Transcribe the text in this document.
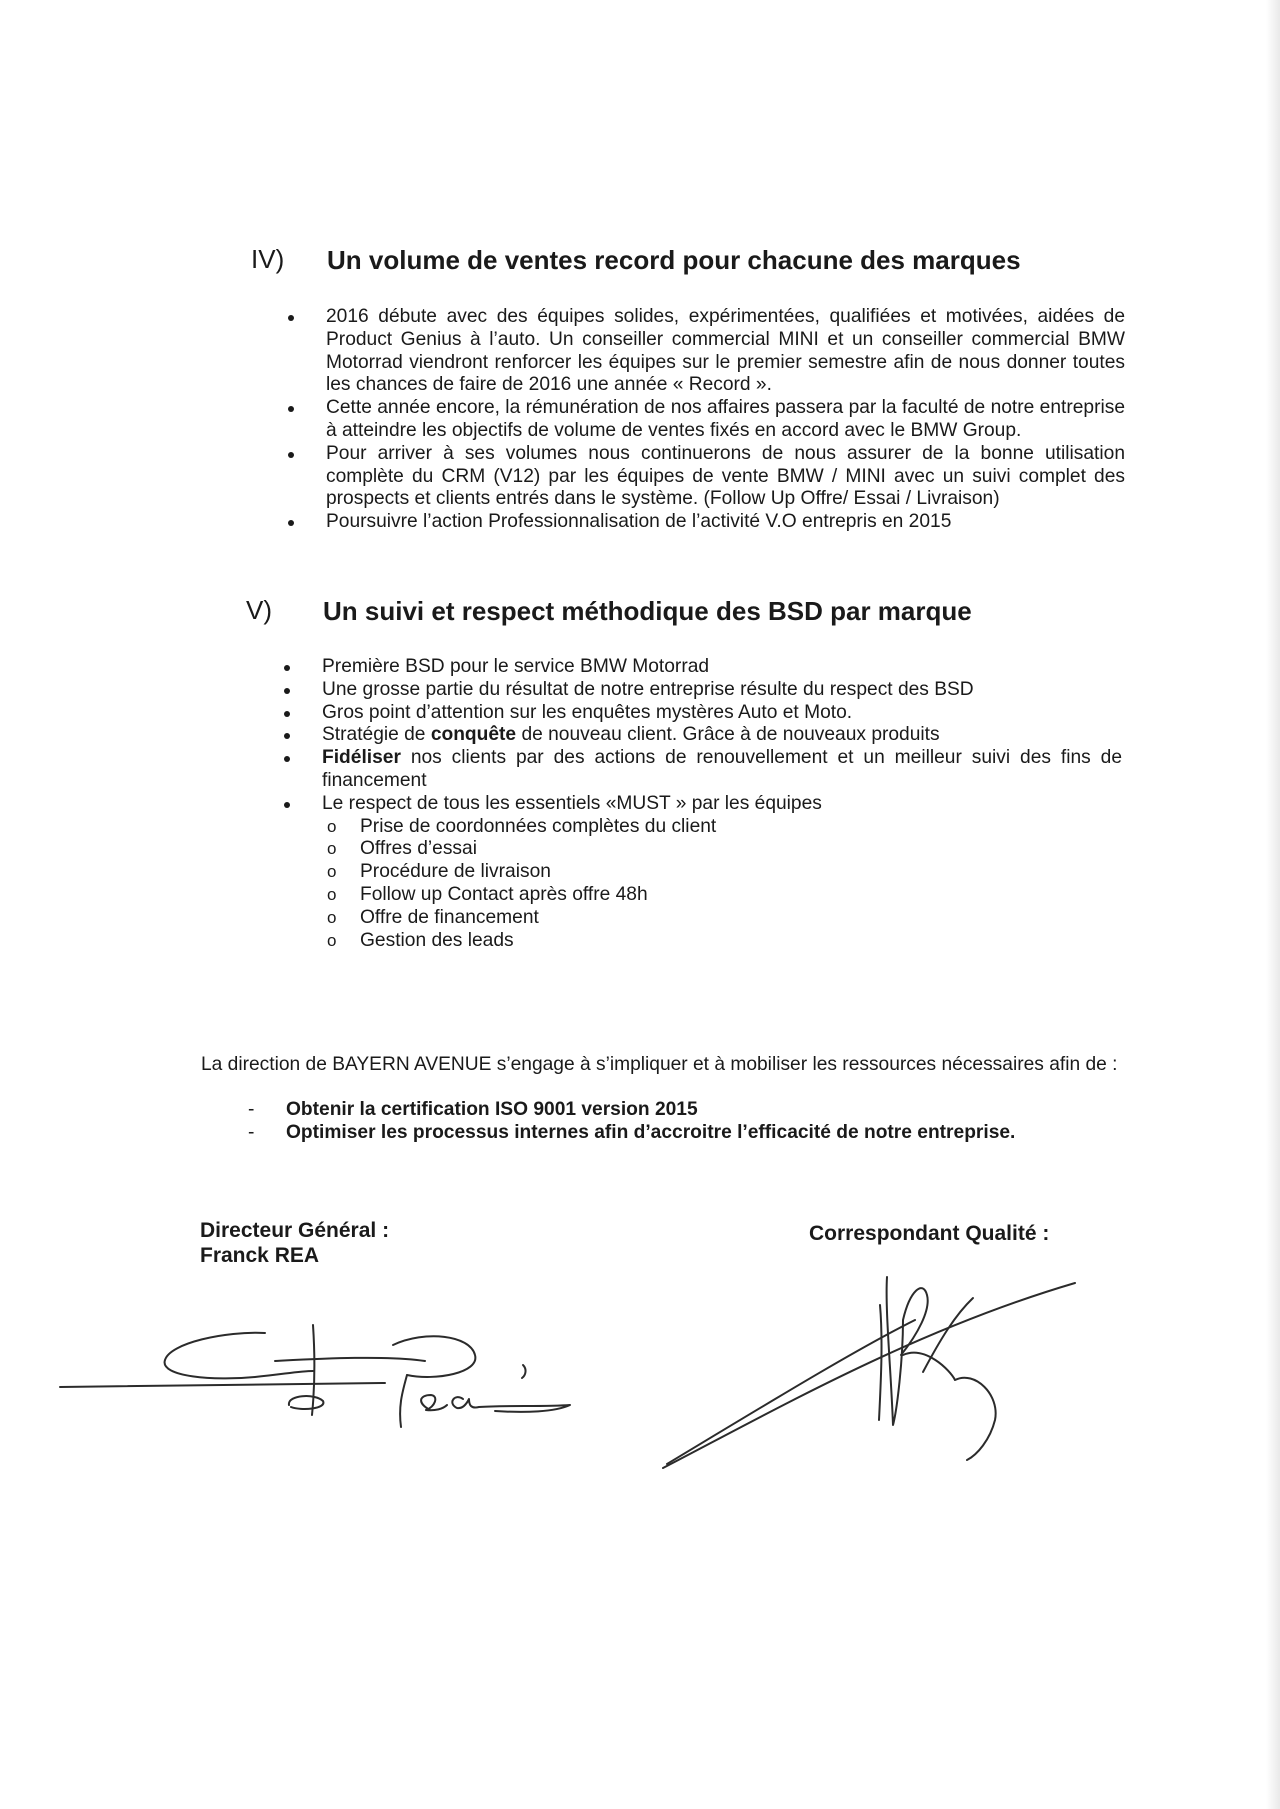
IV) Un volume de ventes record pour chacune des marques
2016 débute avec des équipes solides, expérimentées, qualifiées et motivées, aidées de Product Genius à l’auto. Un conseiller commercial MINI et un conseiller commercial BMW Motorrad viendront renforcer les équipes sur le premier semestre afin de nous donner toutes les chances de faire de 2016 une année « Record ».
Cette année encore, la rémunération de nos affaires passera par la faculté de notre entreprise à atteindre les objectifs de volume de ventes fixés en accord avec le BMW Group.
Pour arriver à ses volumes nous continuerons de nous assurer de la bonne utilisation complète du CRM (V12) par les équipes de vente BMW / MINI avec un suivi complet des prospects et clients entrés dans le système. (Follow Up Offre/ Essai / Livraison)
Poursuivre l’action Professionnalisation de l’activité V.O entrepris en 2015
V) Un suivi et respect méthodique des BSD par marque
Première BSD pour le service BMW Motorrad
Une grosse partie du résultat de notre entreprise résulte du respect des BSD
Gros point d’attention sur les enquêtes mystères Auto et Moto.
Stratégie de conquête de nouveau client. Grâce à de nouveaux produits
Fidéliser nos clients par des actions de renouvellement et un meilleur suivi des fins de financement
Le respect de tous les essentiels «MUST » par les équipes
o Prise de coordonnées complètes du client
o Offres d’essai
o Procédure de livraison
o Follow up Contact après offre 48h
o Offre de financement
o Gestion des leads
La direction de BAYERN AVENUE s’engage à s’impliquer et à mobiliser les ressources nécessaires afin de :
- Obtenir la certification ISO 9001 version 2015
- Optimiser les processus internes afin d’accroitre l’efficacité de notre entreprise.
Directeur Général :
Franck REA
Correspondant Qualité :
